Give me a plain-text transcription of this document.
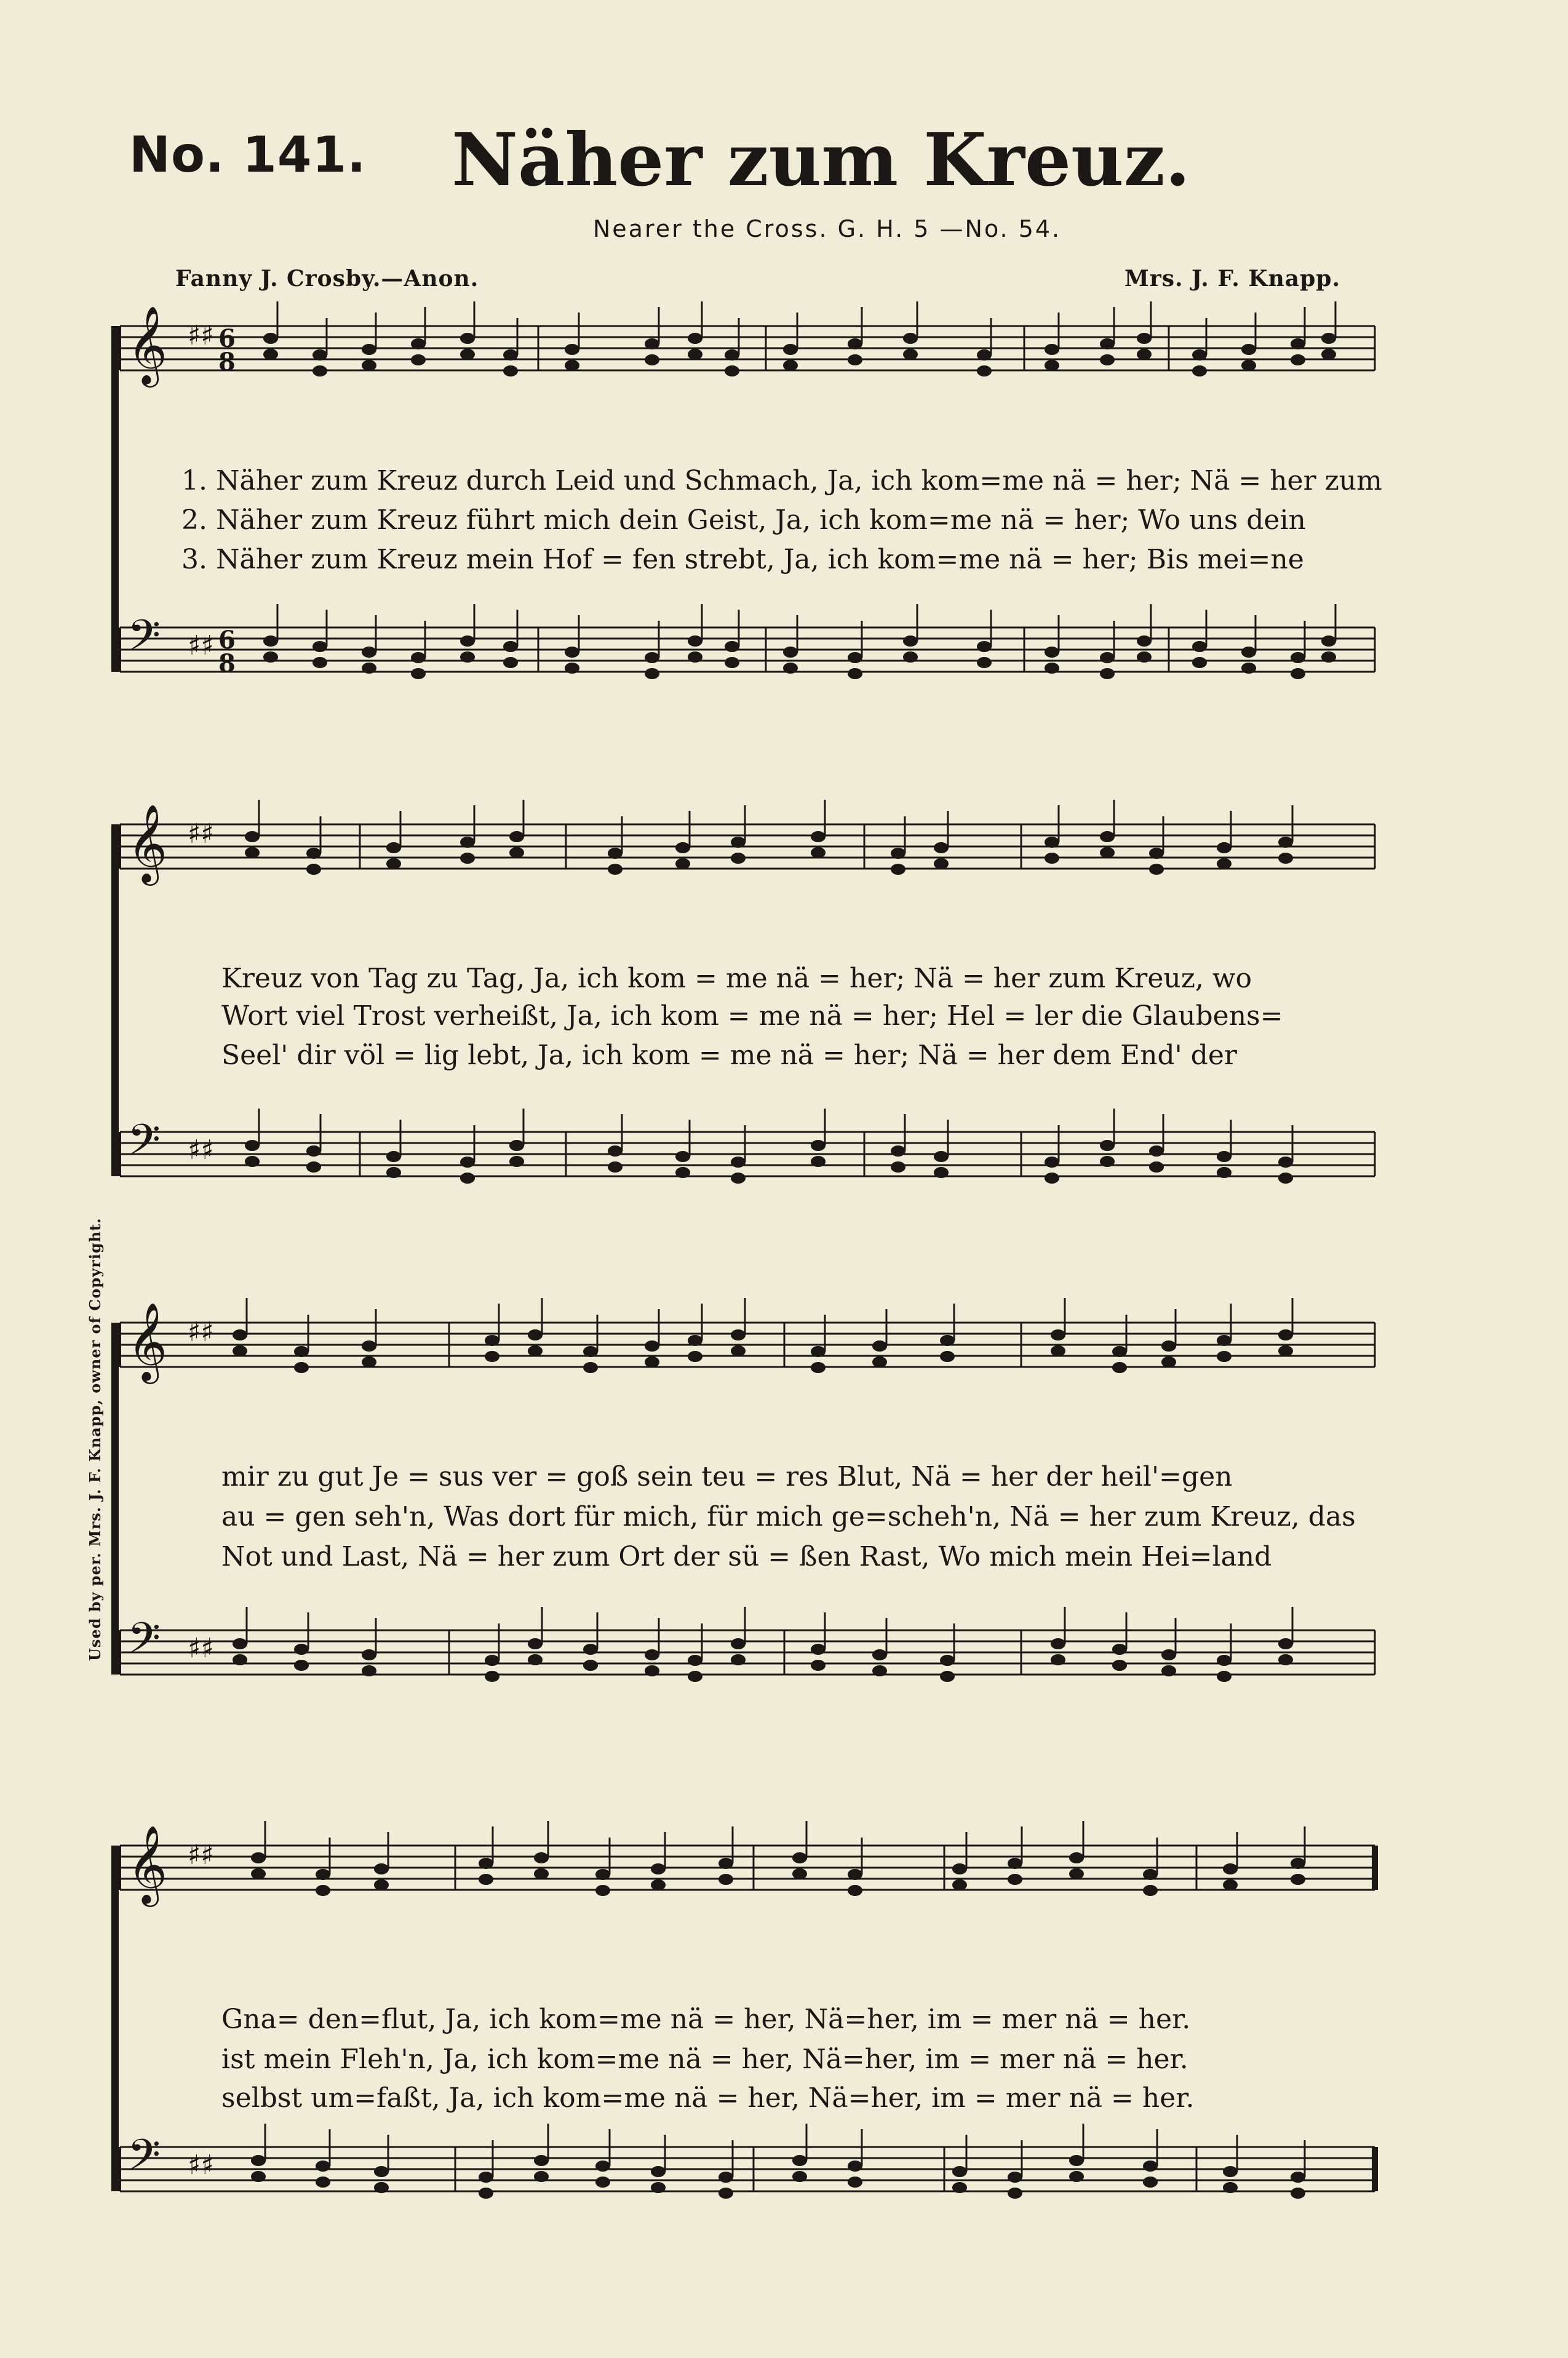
No. 141.	Näher zum Kreuz.
Nearer the Cross. G. H. 5 —No. 54.
Fanny J. Crosby.—Anon.	Mrs. J. F. Knapp.
Used by per. Mrs. J. F. Knapp, owner of Copyright.
𝄞 ♯♯
𝄢 ♯♯
𝄞 ♯♯
𝄢 ♯♯
𝄞 ♯♯
𝄢 ♯♯
𝄞 ♯♯
𝄢 ♯♯
6
8
6
8
1. Näher zum Kreuz durch Leid und Schmach, Ja, ich kom=me nä = her; Nä = her zum
2. Näher zum Kreuz führt mich dein Geist, Ja, ich kom=me nä = her; Wo uns dein
3. Näher zum Kreuz mein Hof = fen strebt, Ja, ich kom=me nä = her; Bis mei=ne
Kreuz von Tag zu Tag, Ja, ich kom = me nä = her; Nä = her zum Kreuz, wo
Wort viel Trost verheißt, Ja, ich kom = me nä = her; Hel = ler die Glaubens=
Seel' dir völ = lig lebt, Ja, ich kom = me nä = her; Nä = her dem End' der
mir zu gut Je = sus ver = goß sein teu = res Blut, Nä = her der heil'=gen
au = gen seh'n, Was dort für mich, für mich ge=scheh'n, Nä = her zum Kreuz, das
Not und Last, Nä = her zum Ort der sü = ßen Rast, Wo mich mein Hei=land
Gna= den=flut, Ja, ich kom=me nä = her, Nä=her, im = mer nä = her.
ist mein Fleh'n, Ja, ich kom=me nä = her, Nä=her, im = mer nä = her.
selbst um=faßt, Ja, ich kom=me nä = her, Nä=her, im = mer nä = her.
